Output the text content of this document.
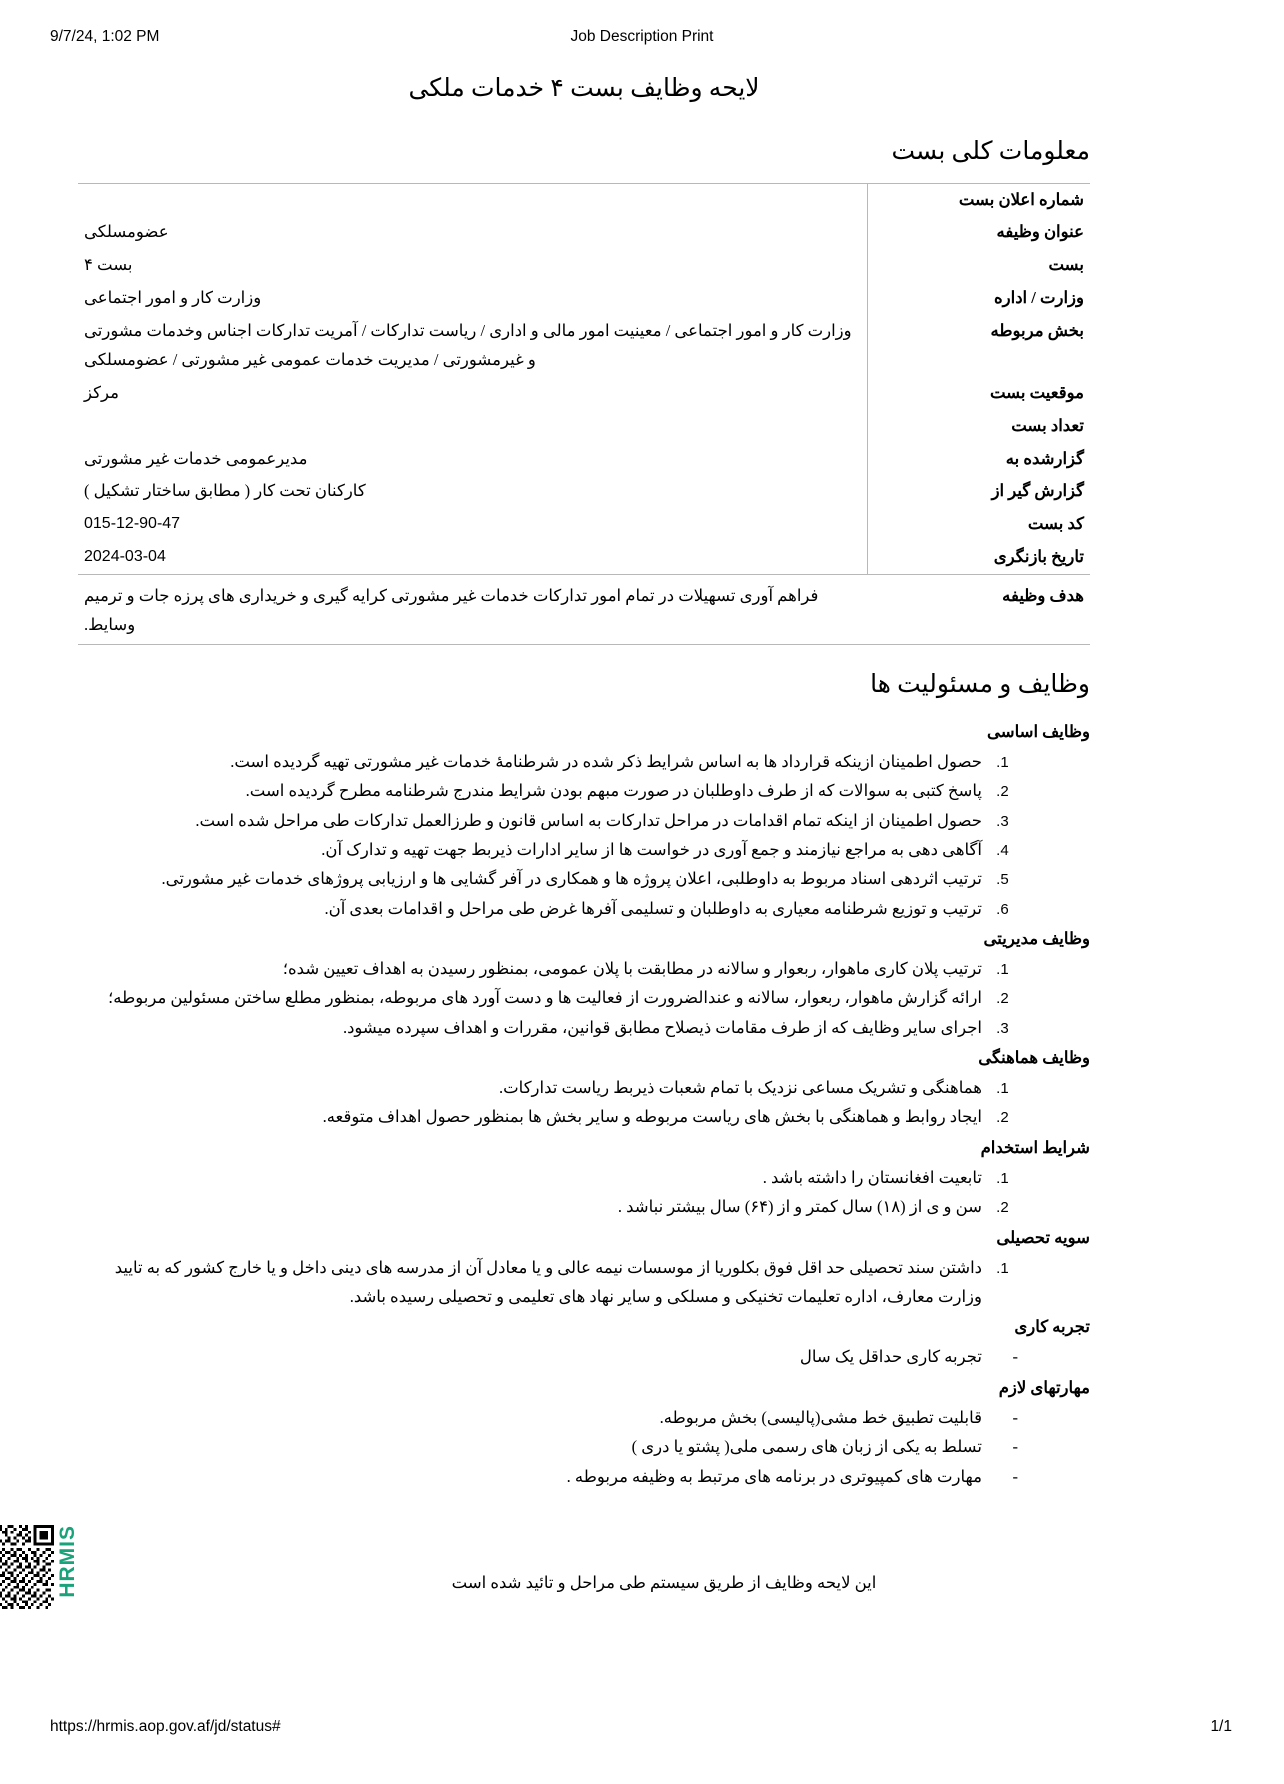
9/7/24, 1:02 PM	Job Description Print
لایحه وظایف بست ۴ خدمات ملکی
معلومات کلی بست
شماره اعلان بست	
عنوان وظیفه	عضومسلکی
بست	بست ۴
وزارت / اداره	وزارت کار و امور اجتماعی
بخش مربوطه	وزارت کار و امور اجتماعی / معینیت امور مالی و اداری / ریاست تدارکات / آمریت تدارکات اجناس وخدمات مشورتی و غیرمشورتی / مدیریت خدمات عمومی غیر مشورتی / عضومسلکی
موقعیت بست	مرکز
تعداد بست	
گزارشده به	مدیرعمومی خدمات غیر مشورتی
گزارش گیر از	کارکنان تحت کار ( مطابق ساختار تشکیل )
کد بست	015-12-90-47
تاریخ بازنگری	2024-03-04
هدف وظیفه	فراهم آوری تسهیلات در تمام امور تدارکات خدمات غیر مشورتی کرایه گیری و خریداری های پرزه جات و ترمیم وسایط.
وظایف و مسئولیت ها
وظایف اساسی
1. حصول اطمینان ازینکه قرارداد ها به اساس شرایط ذکر شده در شرطنامهٔ خدمات غیر مشورتی تهیه گردیده است.
2. پاسخ کتبی به سوالات که از طرف داوطلبان در صورت مبهم بودن شرایط مندرج شرطنامه مطرح گردیده است.
3. حصول اطمینان از اینکه تمام اقدامات در مراحل تدارکات به اساس قانون و طرزالعمل تدارکات طی مراحل شده است.
4. آگاهی دهی به مراجع نیازمند و جمع آوری در خواست ها از سایر ادارات ذیربط جهت تهیه و تدارک آن.
5. ترتیب اثردهی اسناد مربوط به داوطلبی، اعلان پروژه ها و همکاری در آفر گشایی ها و ارزیابی پروژهای خدمات غیر مشورتی.
6. ترتیب و توزیع شرطنامه معیاری به داوطلبان و تسلیمی آفرها غرض طی مراحل و اقدامات بعدی آن.
وظایف مدیریتی
1. ترتیب پلان کاری ماهوار، ربعوار و سالانه در مطابقت با پلان عمومی، بمنظور رسیدن به اهداف تعیین شده؛
2. ارائه گزارش ماهوار، ربعوار، سالانه و عندالضرورت از فعالیت ها و دست آورد های مربوطه، بمنظور مطلع ساختن مسئولین مربوطه؛
3. اجرای سایر وظایف که از طرف مقامات ذیصلاح مطابق قوانین، مقررات و اهداف سپرده میشود.
وظایف هماهنگی
1. هماهنگی و تشریک مساعی نزدیک با تمام شعبات ذیربط ریاست تدارکات.
2. ایجاد روابط و هماهنگی با بخش های ریاست مربوطه و سایر بخش ها بمنظور حصول اهداف متوقعه.
شرایط استخدام
1. تابعیت افغانستان را داشته باشد .
2. سن و ی از (۱۸) سال کمتر و از (۶۴) سال بیشتر نباشد .
سویه تحصیلی
1. داشتن سند تحصیلی حد اقل فوق بکلوریا از موسسات نیمه عالی و یا معادل آن از مدرسه های دینی داخل و یا خارج کشور که به تایید وزارت معارف، اداره تعلیمات تخنیکی و مسلکی و سایر نهاد های تعلیمی و تحصیلی رسیده باشد.
تجربه کاری
- تجربه کاری حداقل یک سال
مهارتهای لازم
- قابلیت تطبیق خط مشی(پالیسی) بخش مربوطه.
- تسلط به یکی از زبان های رسمی ملی( پشتو یا دری )
- مهارت های کمپیوتری در برنامه های مرتبط به وظیفه مربوطه .
HRMIS	این لایحه وظایف از طریق سیستم طی مراحل و تائید شده است
https://hrmis.aop.gov.af/jd/status#	1/1
